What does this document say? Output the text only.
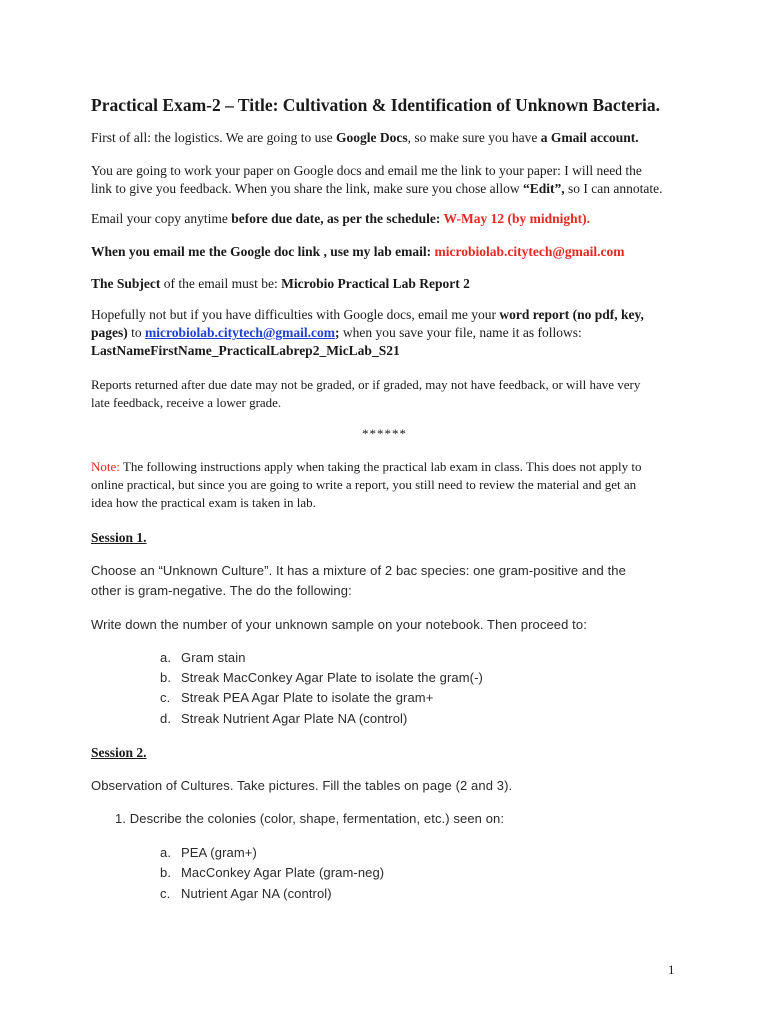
Practical Exam-2 – Title: Cultivation & Identification of Unknown Bacteria.
First of all: the logistics. We are going to use Google Docs, so make sure you have a Gmail account.
You are going to work your paper on Google docs and email me the link to your paper: I will need the
link to give you feedback. When you share the link, make sure you chose allow “Edit”, so I can annotate.
Email your copy anytime before due date, as per the schedule: W-May 12 (by midnight).
When you email me the Google doc link , use my lab email: microbiolab.citytech@gmail.com
The Subject of the email must be: Microbio Practical Lab Report 2
Hopefully not but if you have difficulties with Google docs, email me your word report (no pdf, key,
pages) to microbiolab.citytech@gmail.com; when you save your file, name it as follows:
LastNameFirstName_PracticalLabrep2_MicLab_S21
Reports returned after due date may not be graded, or if graded, may not have feedback, or will have very
late feedback, receive a lower grade.
******
Note: The following instructions apply when taking the practical lab exam in class. This does not apply to
online practical, but since you are going to write a report, you still need to review the material and get an
idea how the practical exam is taken in lab.
Session 1.
Choose an “Unknown Culture”. It has a mixture of 2 bac species: one gram-positive and the
other is gram-negative. The do the following:
Write down the number of your unknown sample on your notebook. Then proceed to:
a. Gram stain
b. Streak MacConkey Agar Plate to isolate the gram(-)
c. Streak PEA Agar Plate to isolate the gram+
d. Streak Nutrient Agar Plate NA (control)
Session 2.
Observation of Cultures. Take pictures. Fill the tables on page (2 and 3).
1. Describe the colonies (color, shape, fermentation, etc.) seen on:
a. PEA (gram+)
b. MacConkey Agar Plate (gram-neg)
c. Nutrient Agar NA (control)
1
